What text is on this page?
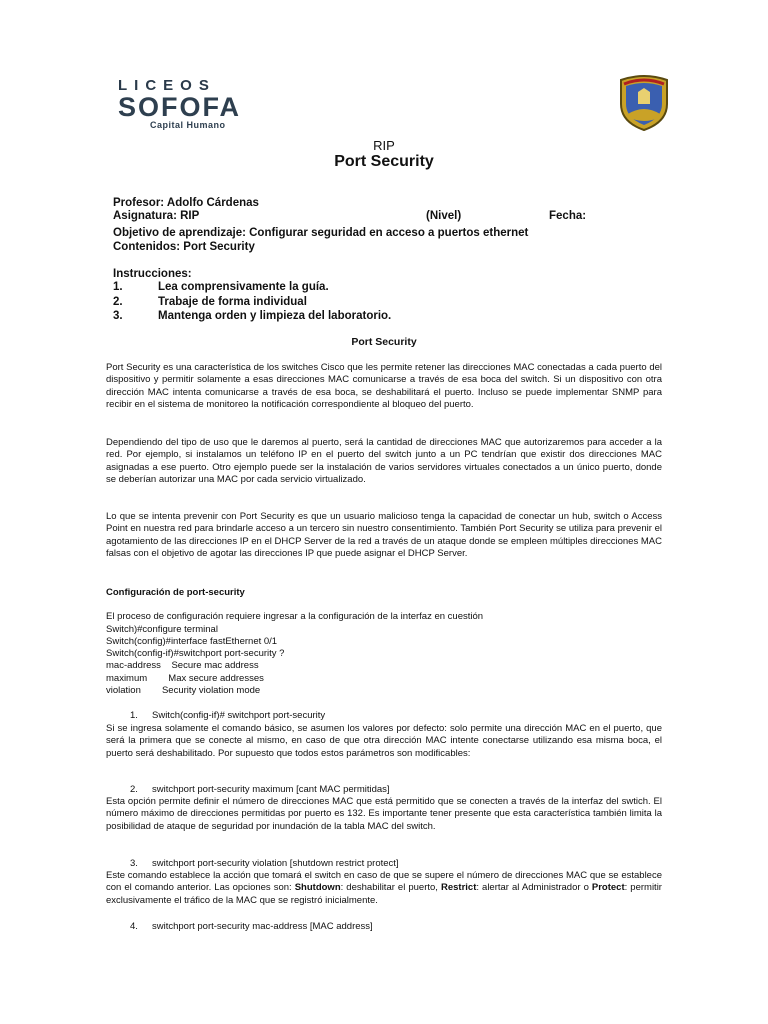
LICEOS
SOFOFA
Capital Humano
RIP
Port Security
Profesor: Adolfo Cárdenas
Asignatura: RIP	(Nivel)	Fecha:
Objetivo de aprendizaje: Configurar seguridad en acceso a puertos ethernet
Contenidos: Port Security
Instrucciones:
1.	Lea comprensivamente la guía.
2.	Trabaje de forma individual
3.	Mantenga orden y limpieza del laboratorio.
Port Security
Port Security es una característica de los switches Cisco que les permite retener las direcciones MAC conectadas a cada puerto del dispositivo y permitir solamente a esas direcciones MAC comunicarse a través de esa boca del switch. Si un dispositivo con otra dirección MAC intenta comunicarse a través de esa boca, se deshabilitará el puerto. Incluso se puede implementar SNMP para recibir en el sistema de monitoreo la notificación correspondiente al bloqueo del puerto.
Dependiendo del tipo de uso que le daremos al puerto, será la cantidad de direcciones MAC que autorizaremos para acceder a la red. Por ejemplo, si instalamos un teléfono IP en el puerto del switch junto a un PC tendrían que existir dos direcciones MAC asignadas a ese puerto. Otro ejemplo puede ser la instalación de varios servidores virtuales conectados a un único puerto, donde se deberían autorizar una MAC por cada servicio virtualizado.
Lo que se intenta prevenir con Port Security es que un usuario malicioso tenga la capacidad de conectar un hub, switch o Access Point en nuestra red para brindarle acceso a un tercero sin nuestro consentimiento. También Port Security se utiliza para prevenir el agotamiento de las direcciones IP en el DHCP Server de la red a través de un ataque donde se empleen múltiples direcciones MAC falsas con el objetivo de agotar las direcciones IP que puede asignar el DHCP Server.
Configuración de port-security
El proceso de configuración requiere ingresar a la configuración de la interfaz en cuestión
Switch)#configure terminal
Switch(config)#interface fastEthernet 0/1
Switch(config-if)#switchport port-security ?
mac-address    Secure mac address
maximum        Max secure addresses
violation        Security violation mode
1. Switch(config-if)# switchport port-security
Si se ingresa solamente el comando básico, se asumen los valores por defecto: solo permite una dirección MAC en el puerto, que será la primera que se conecte al mismo, en caso de que otra dirección MAC intente conectarse utilizando esa misma boca, el puerto será deshabilitado. Por supuesto que todos estos parámetros son modificables:
2. switchport port-security maximum [cant MAC permitidas]
Esta opción permite definir el número de direcciones MAC que está permitido que se conecten a través de la interfaz del swtich. El número máximo de direcciones permitidas por puerto es 132. Es importante tener presente que esta característica también limita la posibilidad de ataque de seguridad por inundación de la tabla MAC del switch.
3. switchport port-security violation [shutdown restrict protect]
Este comando establece la acción que tomará el switch en caso de que se supere el número de direcciones MAC que se establece con el comando anterior. Las opciones son: Shutdown: deshabilitar el puerto, Restrict: alertar al Administrador o Protect: permitir exclusivamente el tráfico de la MAC que se registró inicialmente.
4. switchport port-security mac-address [MAC address]
